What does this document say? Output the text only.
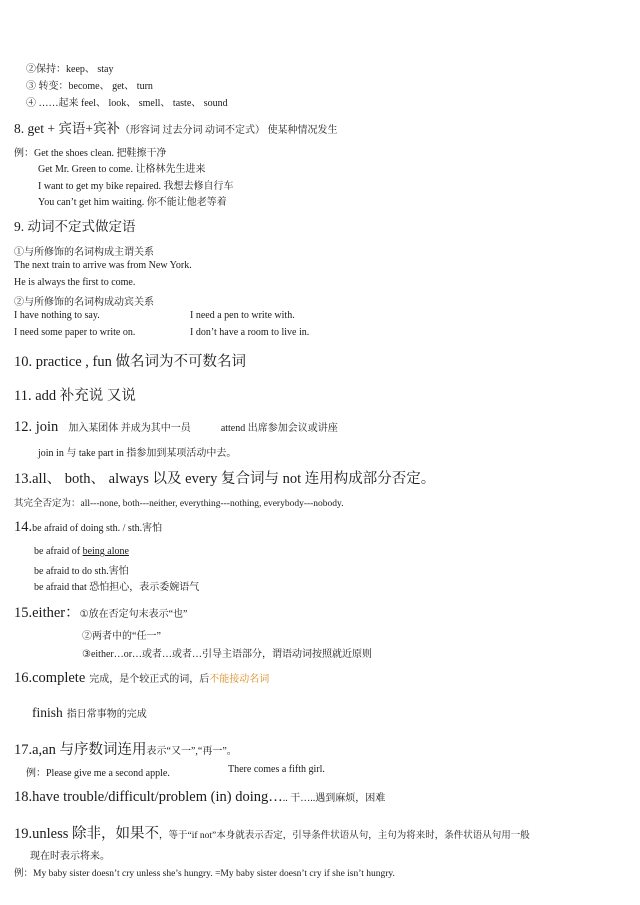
②保持：keep、 stay
③ 转变：become、 get、 turn
④ ……起来 feel、 look、 smell、 taste、 sound
8. get + 宾语+宾补（形容词 过去分词 动词不定式） 使某种情况发生
例：Get the shoes clean. 把鞋擦干净
Get Mr. Green to come. 让格林先生进来
I want to get my bike repaired. 我想去修自行车
You can’t get him waiting. 你不能让他老等着
9. 动词不定式做定语
①与所修饰的名词构成主谓关系
The next train to arrive was from New York.
He is always the first to come.
②与所修饰的名词构成动宾关系
I have nothing to say.	I need a pen to write with.
I need some paper to write on.	I don’t have a room to live in.
10. practice , fun 做名词为不可数名词
11. add 补充说 又说
12. join 加入某团体 并成为其中一员	attend 出席参加会议或讲座
join in 与 take part in 指参加到某项活动中去。
13.all、 both、 always 以及 every 复合词与 not 连用构成部分否定。
其完全否定为：all---none, both---neither, everything---nothing, everybody---nobody.
14.be afraid of doing sth. / sth.害怕
be afraid of being alone
be afraid to do sth.害怕
be afraid that 恐怕担心，表示委婉语气
15.either：①放在否定句末表示“也”
②两者中的“任一”
③either…or…或者…或者…引导主语部分，谓语动词按照就近原则
16.complete 完成，是个较正式的词，后不能接动名词
finish 指日常事物的完成
17.a,an 与序数词连用表示“又一”,“再一”。
例：Please give me a second apple.	There comes a fifth girl.
18.have trouble/difficult/problem (in) doing….. 干…..遇到麻烦，困难
19.unless 除非，如果不，等于“if not”本身就表示否定，引导条件状语从句，主句为将来时，条件状语从句用一般
现在时表示将来。
例：My baby sister doesn’t cry unless she’s hungry. =My baby sister doesn’t cry if she isn’t hungry.
